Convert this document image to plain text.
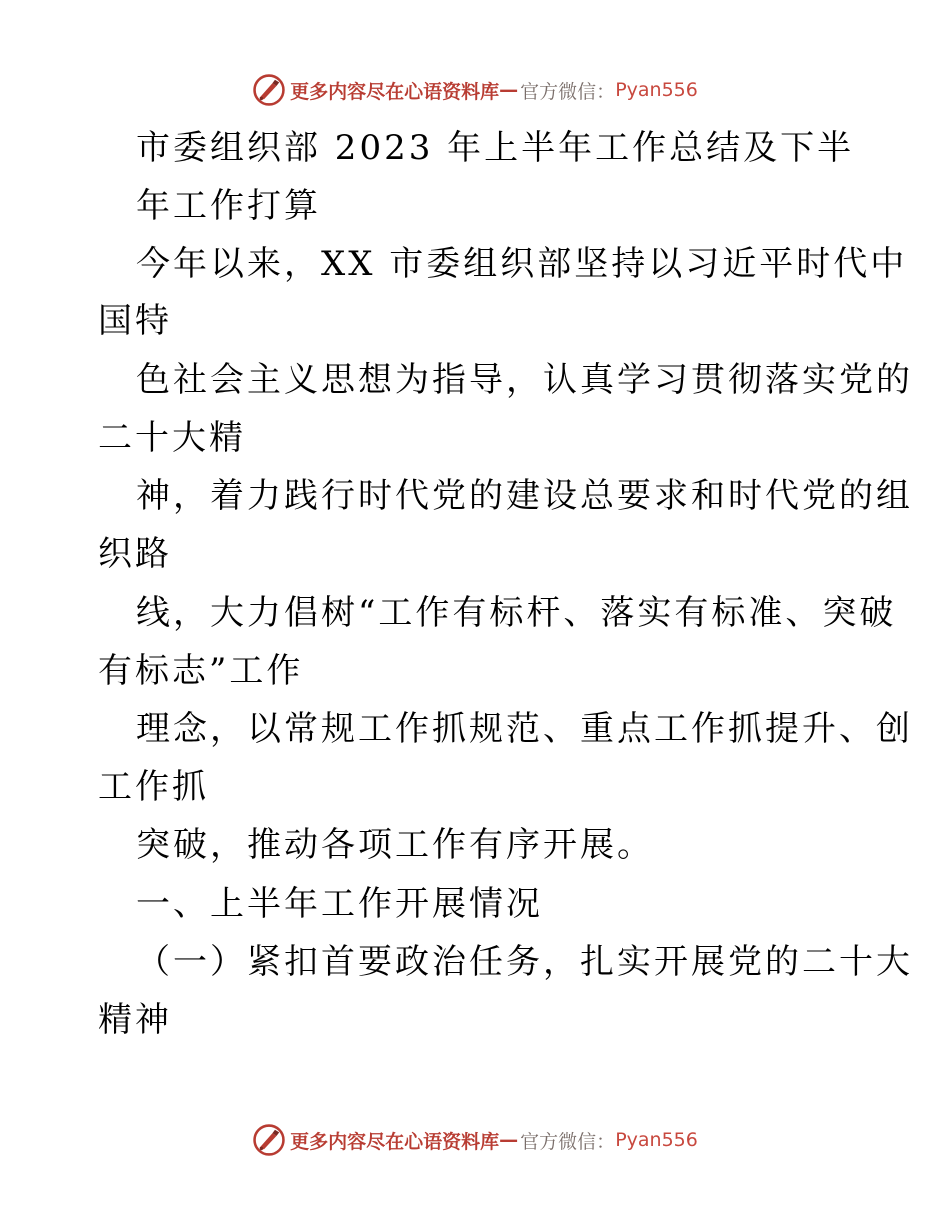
更多内容尽在心语资料库 — 官方微信： Pyan556
市委组织部 2023 年上半年工作总结及下半
年工作打算
今年以来，XX 市委组织部坚持以习近平时代中
国特
色社会主义思想为指导，认真学习贯彻落实党的
二十大精
神，着力践行时代党的建设总要求和时代党的组
织路
线，大力倡树“工作有标杆、落实有标准、突破
有标志”工作
理念，以常规工作抓规范、重点工作抓提升、创
工作抓
突破，推动各项工作有序开展。
一、上半年工作开展情况
（一）紧扣首要政治任务，扎实开展党的二十大
精神
更多内容尽在心语资料库 — 官方微信： Pyan556
